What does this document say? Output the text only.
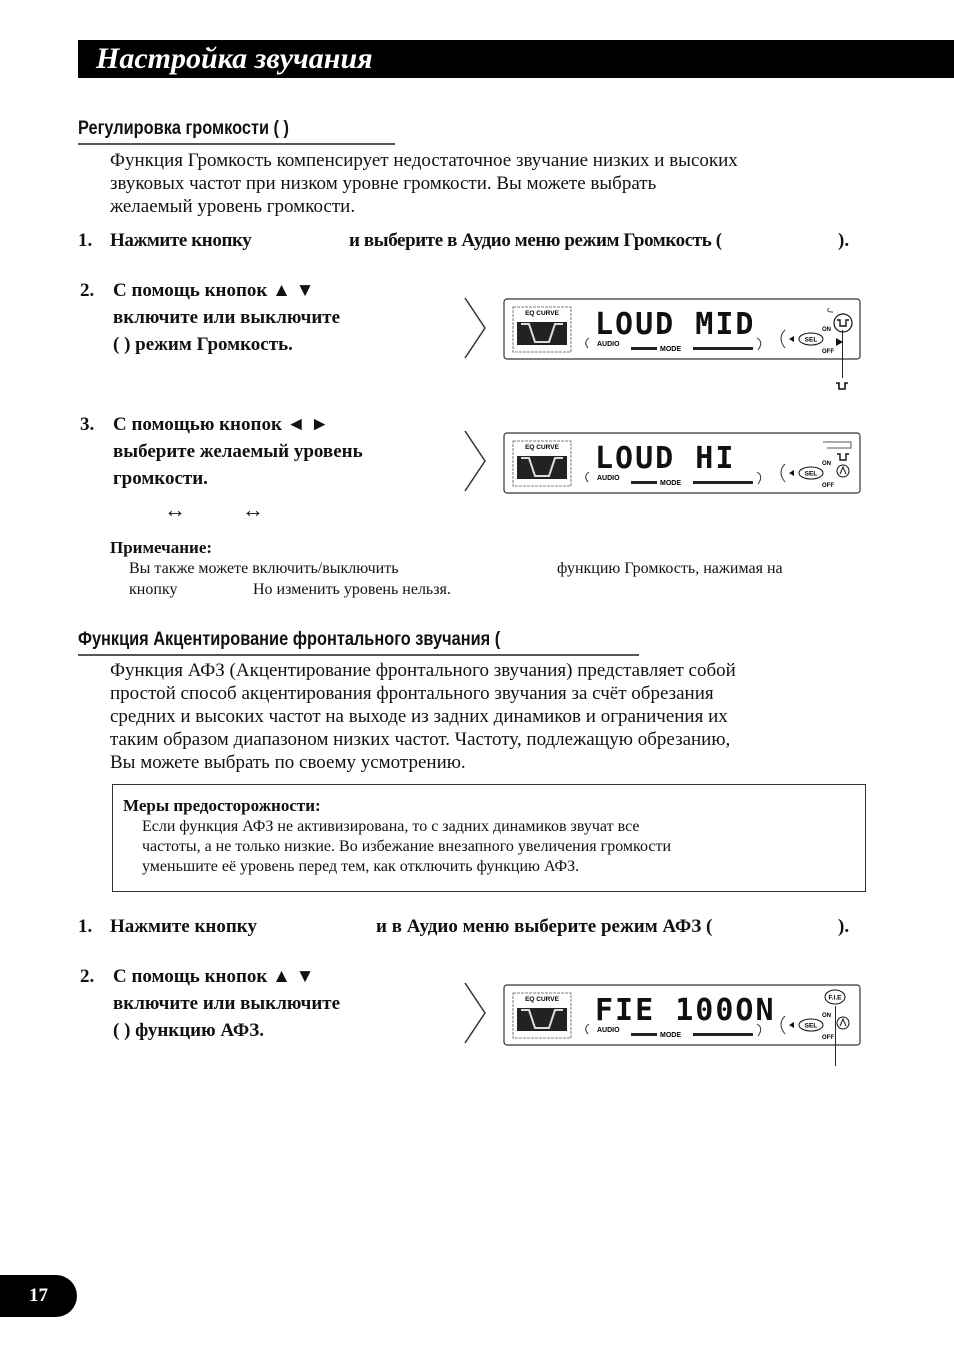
Настройка звучания
Регулировка громкости ( )
Функция Громкость компенсирует недостаточное звучание низких и высоких
звуковых частот при низком уровне громкости. Вы можете выбрать
желаемый уровень громкости.
1. Нажмите кнопку	и выберите в Аудио меню режим Громкость (	).
2. С помощь кнопок ▲ ▼
включите или выключите
( ) режим Громкость.
3. С помощью кнопок ◄ ►
выберите желаемый уровень
громкости.
↔	↔
Примечание:
Вы также можете включить/выключить	функцию Громкость, нажимая на
кнопку	Но изменить уровень нельзя.
Функция Акцентирование фронтального звучания (
Функция АФЗ (Акцентирование фронтального звучания) представляет собой
простой способ акцентирования фронтального звучания за счёт обрезания
средних и высоких частот на выходе из задних динамиков и ограничения их
таким образом диапазоном низких частот. Частоту, подлежащую обрезанию,
Вы можете выбрать по своему усмотрению.
Меры предосторожности:
Если функция АФЗ не активизирована, то с задних динамиков звучат все
частоты, а не только низкие. Во избежание внезапного увеличения громкости
уменьшите её уровень перед тем, как отключить функцию АФЗ.
1. Нажмите кнопку	и в Аудио меню выберите режим АФЗ (	).
2. С помощь кнопок ▲ ▼
включите или выключите
( ) функцию АФЗ.
EQ CURVE LOUD MID
AUDIO
MODE
SEL
ON
OFF
EQ CURVE LOUD HI
AUDIO
MODE
SEL
ON
OFF
EQ CURVE FIE 100ON
AUDIO
MODE
SEL
ON
OFF
F.I.E
17
